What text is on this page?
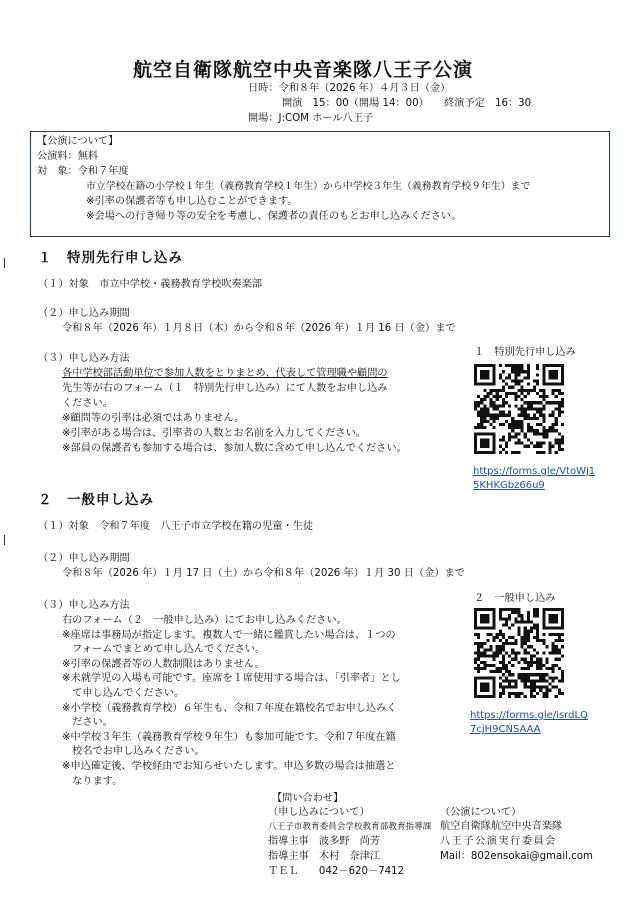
航空自衛隊航空中央音楽隊八王子公演
日時：令和８年（2026 年）４月３日（金）
開演　15：00（開場 14：00）　　終演予定　16：30
開場：J:COM ホール八王子
【公演について】
公演料：無料
対　象：令和７年度
市立学校在籍の小学校１年生（義務教育学校１年生）から中学校３年生（義務教育学校９年生）まで
※引率の保護者等も申し込むことができます。
※会場への行き帰り等の安全を考慮し、保護者の責任のもとお申し込みください。
１　特別先行申し込み
（１）対象　市立中学校・義務教育学校吹奏楽部
（２）申し込み期間
令和８年（2026 年）１月８日（木）から令和８年（2026 年）１月 16 日（金）まで
（３）申し込み方法
各中学校部活動単位で参加人数をとりまとめ、代表して管理職や顧問の
先生等が右のフォーム（１　特別先行申し込み）にて人数をお申し込み
ください。
※顧問等の引率は必須ではありません。
※引率がある場合は、引率者の人数とお名前を入力してください。
※部員の保護者も参加する場合は、参加人数に含めて申し込んでください。
１　特別先行申し込み
https://forms.gle/VtoWj1
5KHKGbz66u9
２　一般申し込み
（１）対象　令和７年度　八王子市立学校在籍の児童・生徒
（２）申し込み期間
令和８年（2026 年）１月 17 日（土）から令和８年（2026 年）１月 30 日（金）まで
（３）申し込み方法
右のフォーム（２　一般申し込み）にてお申し込みください。
※座席は事務局が指定します。複数人で一緒に鑑賞したい場合は、１つの
　フォームでまとめて申し込んでください。
※引率の保護者等の人数制限はありません。
※未就学児の入場も可能です。座席を１席使用する場合は、「引率者」とし
　て申し込んでください。
※小学校（義務教育学校）６年生も、令和７年度在籍校名でお申し込みく
　ださい。
※中学校３年生（義務教育学校９年生）も参加可能です。令和７年度在籍
　校名でお申し込みください。
※申込確定後、学校経由でお知らせいたします。申込多数の場合は抽選と
　なります。
２　一般申し込み
https://forms.gle/isrdLQ
7cjH9CNSAAA
【問い合わせ】
（申し込みについて）
八王子市教育委員会学校教育部教育指導課
指導主事　波多野　尚芳
指導主事　木村　奈津江
ＴＥＬ　　042－620－7412
（公演について）
航空自衛隊航空中央音楽隊
八王子公演実行委員会
Mail：802ensokai@gmail.com
